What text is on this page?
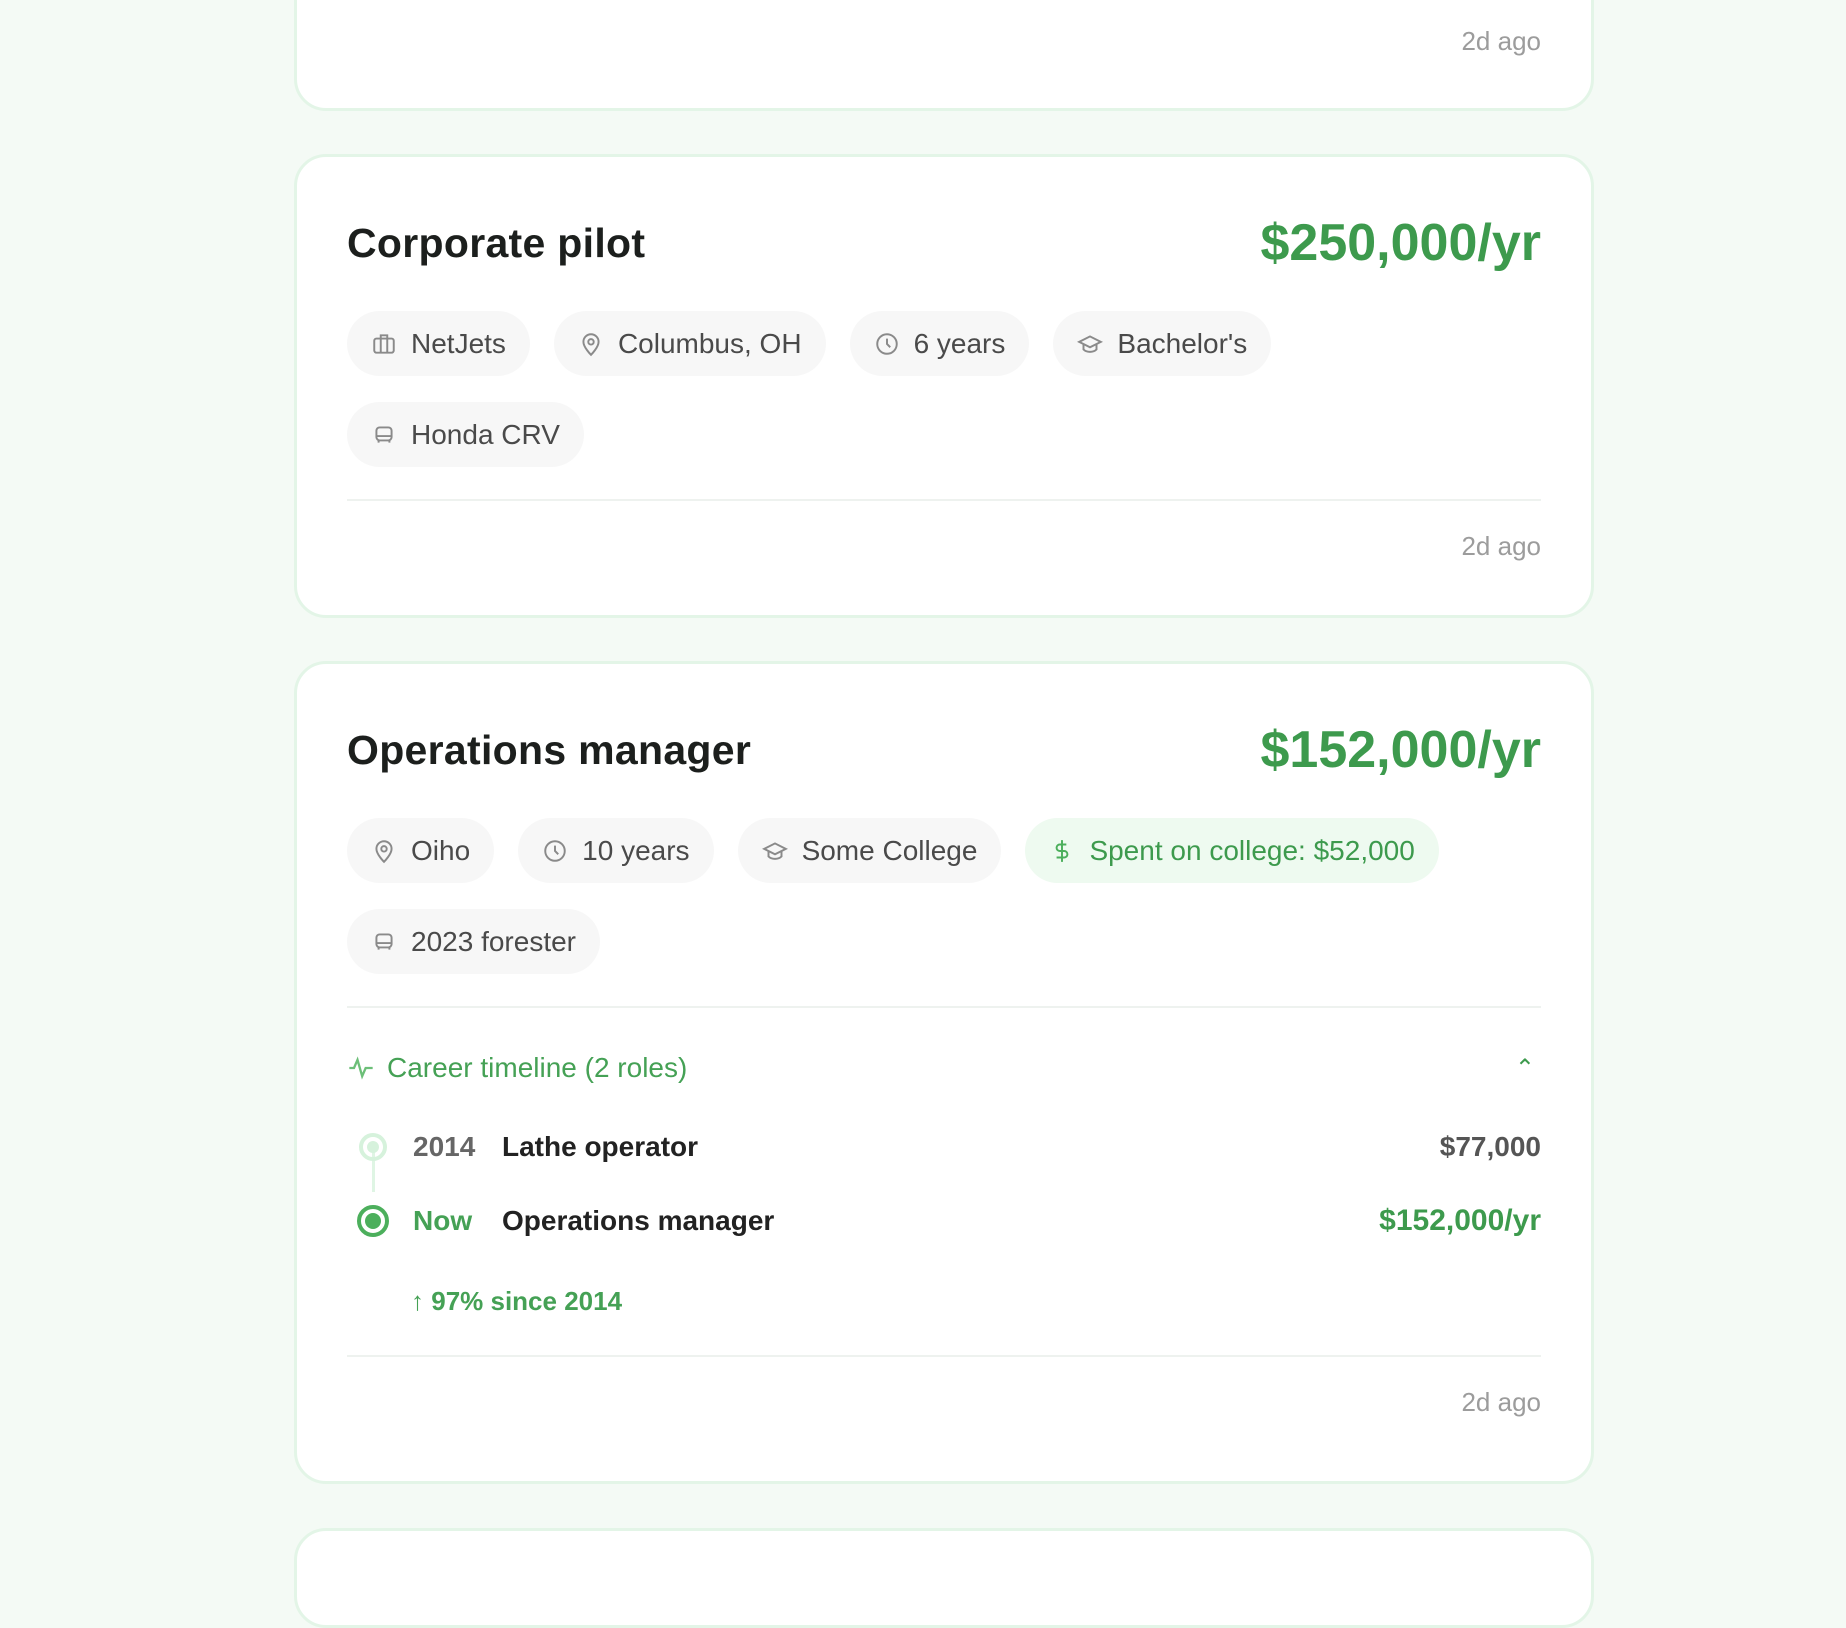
2d ago
Corporate pilot	$250,000/yr
NetJets	Columbus, OH	6 years	Bachelor's
Honda CRV
2d ago
Operations manager	$152,000/yr
Oiho	10 years	Some College	Spent on college: $52,000
2023 forester
Career timeline (2 roles)	⌃
2014 Lathe operator	$77,000
Now	Operations manager	$152,000/yr
↑ 97% since 2014
2d ago
